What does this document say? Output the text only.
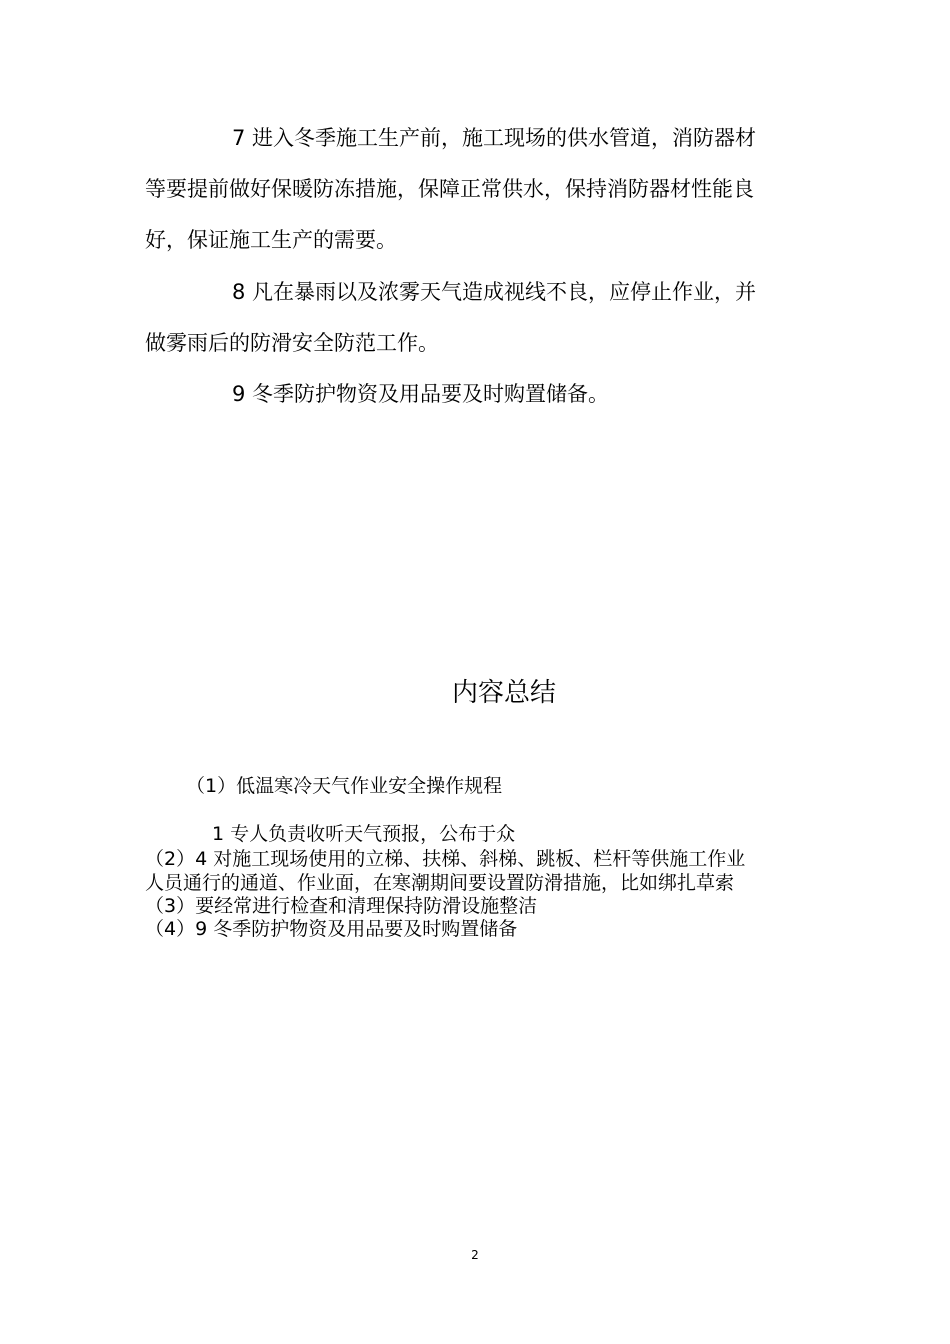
7 进入冬季施工生产前，施工现场的供水管道，消防器材
等要提前做好保暖防冻措施，保障正常供水，保持消防器材性能良
好，保证施工生产的需要。
8 凡在暴雨以及浓雾天气造成视线不良，应停止作业，并
做雾雨后的防滑安全防范工作。
9 冬季防护物资及用品要及时购置储备。
内容总结
（1）低温寒冷天气作业安全操作规程
1 专人负责收听天气预报，公布于众
（2）4 对施工现场使用的立梯、扶梯、斜梯、跳板、栏杆等供施工作业
人员通行的通道、作业面，在寒潮期间要设置防滑措施，比如绑扎草索
（3）要经常进行检查和清理保持防滑设施整洁
（4）9 冬季防护物资及用品要及时购置储备
2
